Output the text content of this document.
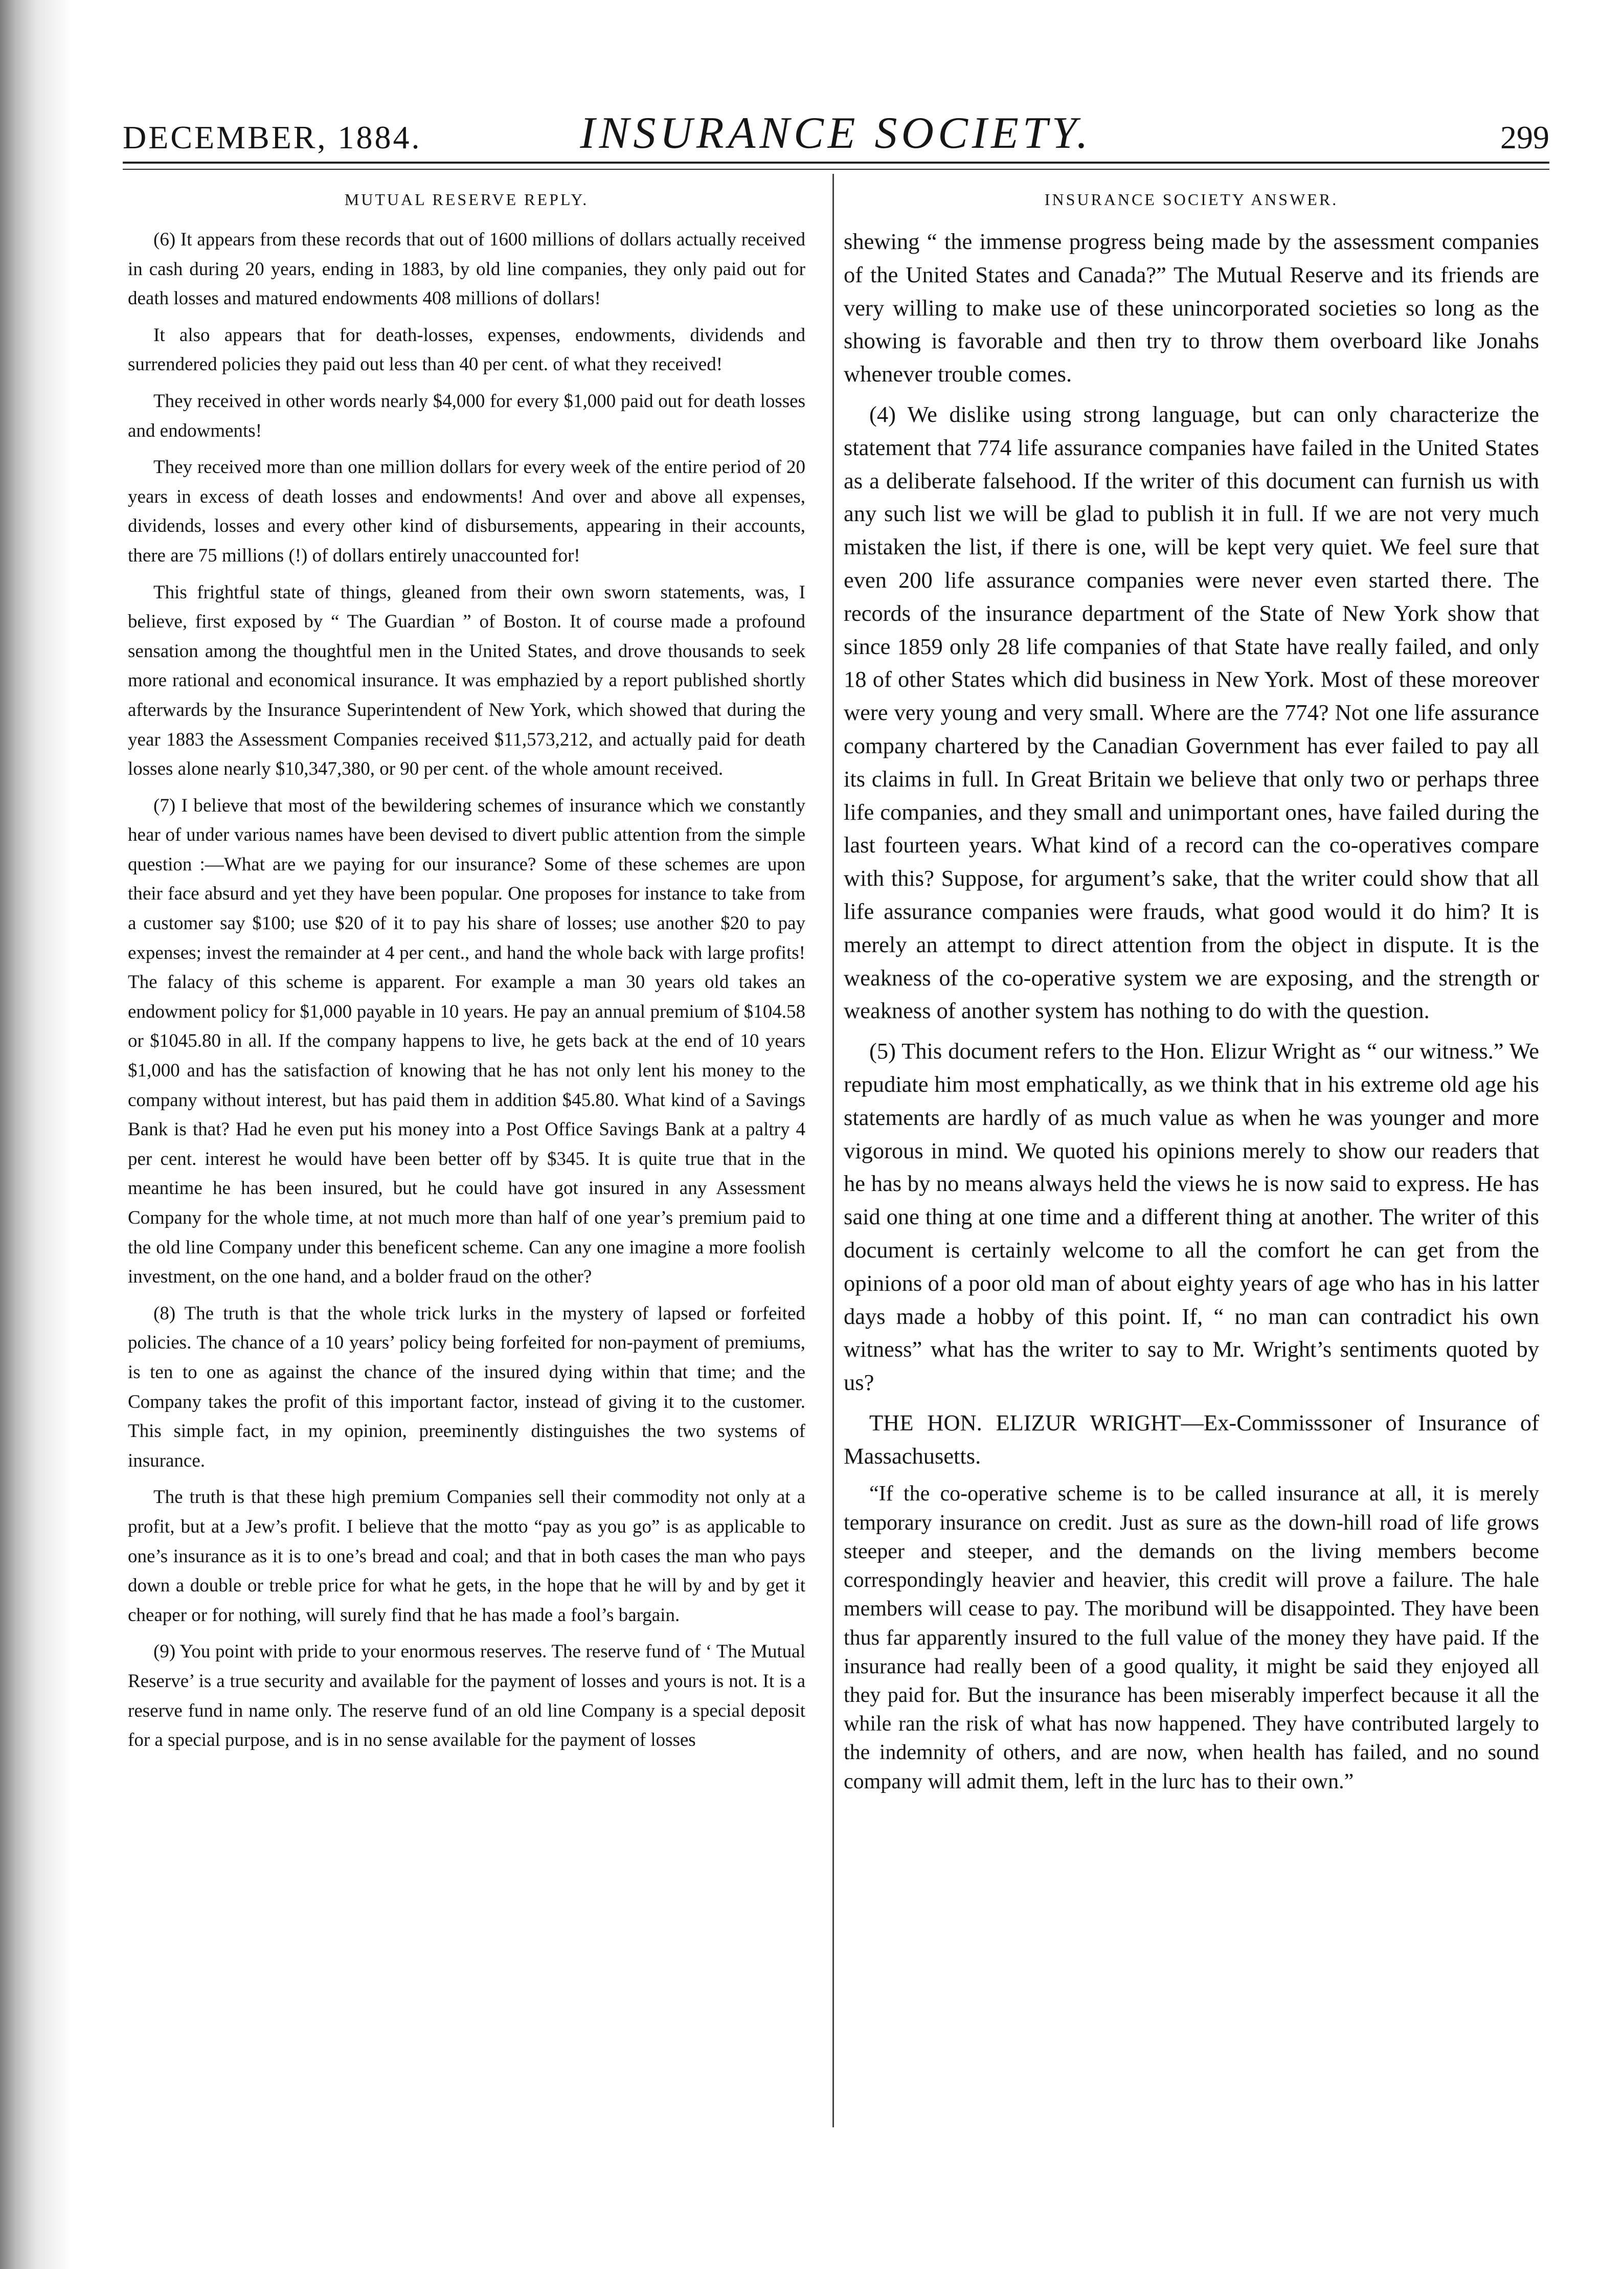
DECEMBER, 1884.	INSURANCE SOCIETY.	299
MUTUAL RESERVE REPLY.

(6) It appears from these records that out of 1600 millions of dollars actually received in cash during 20 years, ending in 1883, by old line companies, they only paid out for death losses and matured endowments 408 millions of dollars!

It also appears that for death-losses, expenses, endowments, dividends and surrendered policies they paid out less than 40 per cent. of what they received!

They received in other words nearly $4,000 for every $1,000 paid out for death losses and endowments!

They received more than one million dollars for every week of the entire period of 20 years in excess of death losses and endowments! And over and above all expenses, dividends, losses and every other kind of disbursements, appearing in their accounts, there are 75 millions (!) of dollars entirely unaccounted for!

This frightful state of things, gleaned from their own sworn statements, was, I believe, first exposed by “ The Guardian ” of Boston. It of course made a profound sensation among the thoughtful men in the United States, and drove thousands to seek more rational and economical insurance. It was emphazied by a report published shortly afterwards by the Insurance Superintendent of New York, which showed that during the year 1883 the Assessment Companies received $11,573,212, and actually paid for death losses alone nearly $10,347,380, or 90 per cent. of the whole amount received.

(7) I believe that most of the bewildering schemes of insurance which we constantly hear of under various names have been devised to divert public attention from the simple question :—What are we paying for our insurance? Some of these schemes are upon their face absurd and yet they have been popular. One proposes for instance to take from a customer say $100; use $20 of it to pay his share of losses; use another $20 to pay expenses; invest the remainder at 4 per cent., and hand the whole back with large profits! The falacy of this scheme is apparent. For example a man 30 years old takes an endowment policy for $1,000 payable in 10 years. He pay an annual premium of $104.58 or $1045.80 in all. If the company happens to live, he gets back at the end of 10 years $1,000 and has the satisfaction of knowing that he has not only lent his money to the company without interest, but has paid them in addition $45.80. What kind of a Savings Bank is that? Had he even put his money into a Post Office Savings Bank at a paltry 4 per cent. interest he would have been better off by $345. It is quite true that in the meantime he has been insured, but he could have got insured in any Assessment Company for the whole time, at not much more than half of one year’s premium paid to the old line Company under this beneficent scheme. Can any one imagine a more foolish investment, on the one hand, and a bolder fraud on the other?

(8) The truth is that the whole trick lurks in the mystery of lapsed or forfeited policies. The chance of a 10 years’ policy being forfeited for non-payment of premiums, is ten to one as against the chance of the insured dying within that time; and the Company takes the profit of this important factor, instead of giving it to the customer. This simple fact, in my opinion, preeminently distinguishes the two systems of insurance.

The truth is that these high premium Companies sell their commodity not only at a profit, but at a Jew’s profit. I believe that the motto “pay as you go” is as applicable to one’s insurance as it is to one’s bread and coal; and that in both cases the man who pays down a double or treble price for what he gets, in the hope that he will by and by get it cheaper or for nothing, will surely find that he has made a fool’s bargain.

(9) You point with pride to your enormous reserves. The reserve fund of ‘ The Mutual Reserve’ is a true security and available for the payment of losses and yours is not. It is a reserve fund in name only. The reserve fund of an old line Company is a special deposit for a special purpose, and is in no sense available for the payment of losses

INSURANCE SOCIETY ANSWER.

shewing “ the immense progress being made by the assessment companies of the United States and Canada?” The Mutual Reserve and its friends are very willing to make use of these unincorporated societies so long as the showing is favorable and then try to throw them overboard like Jonahs whenever trouble comes.

(4) We dislike using strong language, but can only characterize the statement that 774 life assurance companies have failed in the United States as a deliberate falsehood. If the writer of this document can furnish us with any such list we will be glad to publish it in full. If we are not very much mistaken the list, if there is one, will be kept very quiet. We feel sure that even 200 life assurance companies were never even started there. The records of the insurance department of the State of New York show that since 1859 only 28 life companies of that State have really failed, and only 18 of other States which did business in New York. Most of these moreover were very young and very small. Where are the 774? Not one life assurance company chartered by the Canadian Government has ever failed to pay all its claims in full. In Great Britain we believe that only two or perhaps three life companies, and they small and unimportant ones, have failed during the last fourteen years. What kind of a record can the co-operatives compare with this? Suppose, for argument’s sake, that the writer could show that all life assurance companies were frauds, what good would it do him? It is merely an attempt to direct attention from the object in dispute. It is the weakness of the co-operative system we are exposing, and the strength or weakness of another system has nothing to do with the question.

(5) This document refers to the Hon. Elizur Wright as “ our witness.” We repudiate him most emphatically, as we think that in his extreme old age his statements are hardly of as much value as when he was younger and more vigorous in mind. We quoted his opinions merely to show our readers that he has by no means always held the views he is now said to express. He has said one thing at one time and a different thing at another. The writer of this document is certainly welcome to all the comfort he can get from the opinions of a poor old man of about eighty years of age who has in his latter days made a hobby of this point. If, “ no man can contradict his own witness” what has the writer to say to Mr. Wright’s sentiments quoted by us?

THE HON. ELIZUR WRIGHT—Ex-Commisssoner of Insurance of Massachusetts.

“If the co-operative scheme is to be called insurance at all, it is merely temporary insurance on credit. Just as sure as the down-hill road of life grows steeper and steeper, and the demands on the living members become correspondingly heavier and heavier, this credit will prove a failure. The hale members will cease to pay. The moribund will be disappointed. They have been thus far apparently insured to the full value of the money they have paid. If the insurance had really been of a good quality, it might be said they enjoyed all they paid for. But the insurance has been miserably imperfect because it all the while ran the risk of what has now happened. They have contributed largely to the indemnity of others, and are now, when health has failed, and no sound company will admit them, left in the lurc has to their own.”
